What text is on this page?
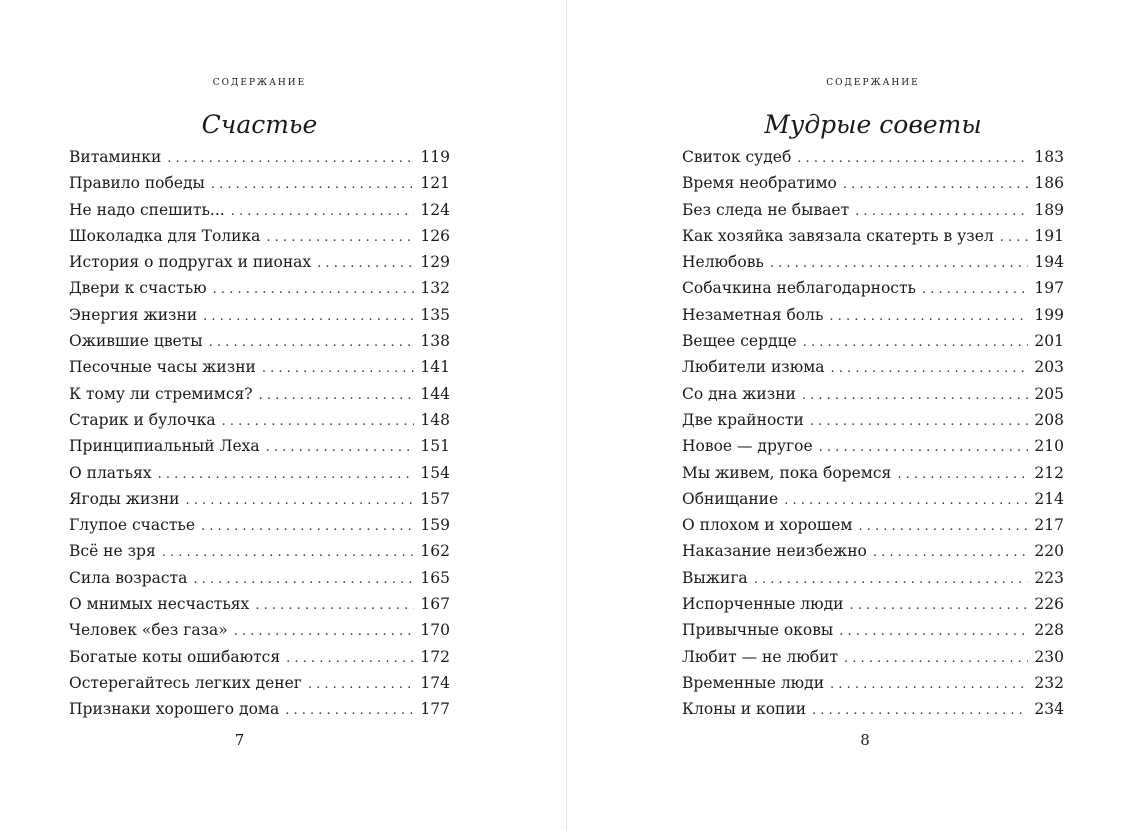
содержание
Счастье
Витаминки . . .	119
Правило победы . . .	121
Не надо спешить... . . .	124
Шоколадка для Толика . . .	126
История о подругах и пионах . . .	129
Двери к счастью . . .	132
Энергия жизни . . .	135
Ожившие цветы . . .	138
Песочные часы жизни . . .	141
К тому ли стремимся? . . .	144
Старик и булочка . . .	148
Принципиальный Леха . . .	151
О платьях . . .	154
Ягоды жизни . . .	157
Глупое счастье . . .	159
Всё не зря . . .	162
Сила возраста . . .	165
О мнимых несчастьях . . .	167
Человек «без газа» . . .	170
Богатые коты ошибаются . . .	172
Остерегайтесь легких денег . . .	174
Признаки хорошего дома . . .	177
7
содержание
Мудрые советы
Свиток судеб . . .	183
Время необратимо . . .	186
Без следа не бывает . . .	189
Как хозяйка завязала скатерть в узел . . .	191
Нелюбовь . . .	194
Собачкина неблагодарность . . .	197
Незаметная боль . . .	199
Вещее сердце . . .	201
Любители изюма . . .	203
Со дна жизни . . .	205
Две крайности . . .	208
Новое — другое . . .	210
Мы живем, пока боремся . . .	212
Обнищание . . .	214
О плохом и хорошем . . .	217
Наказание неизбежно . . .	220
Выжига . . .	223
Испорченные люди . . .	226
Привычные оковы . . .	228
Любит — не любит . . .	230
Временные люди . . .	232
Клоны и копии . . .	234
8
